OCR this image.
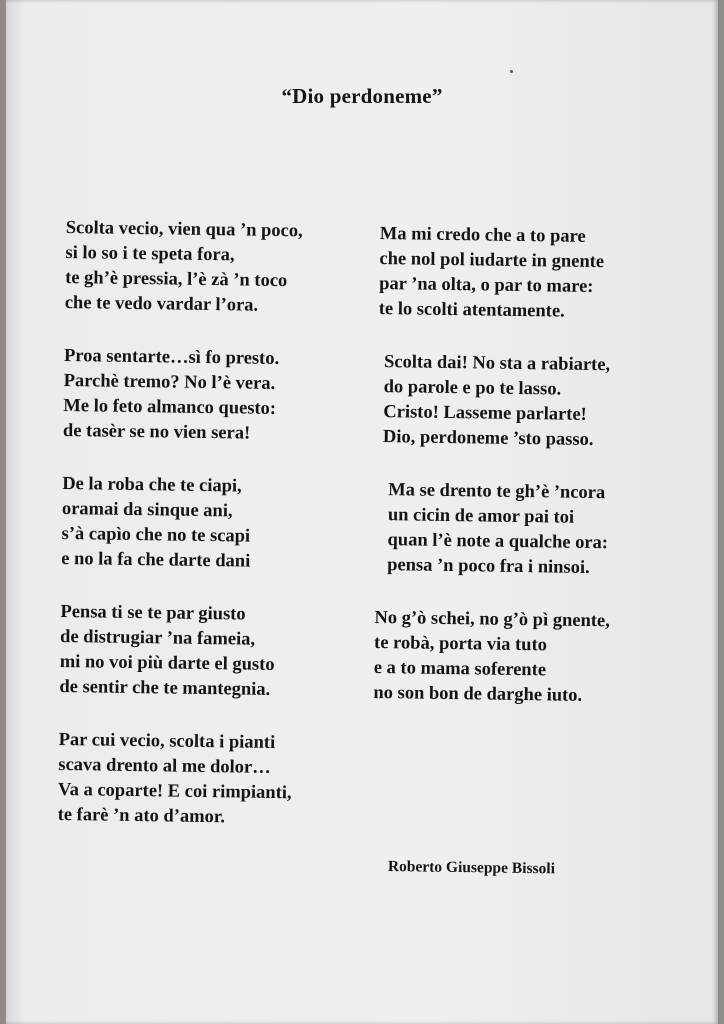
“Dio perdoneme”
Scolta vecio, vien qua ’n poco,
si lo so i te speta fora,
te gh’è pressia, l’è zà ’n toco
che te vedo vardar l’ora.
Proa sentarte…sì fo presto.
Parchè tremo? No l’è vera.
Me lo feto almanco questo:
de tasèr se no vien sera!
De la roba che te ciapi,
oramai da sinque ani,
s’à capìo che no te scapi
e no la fa che darte dani
Pensa ti se te par giusto
de distrugiar ’na fameia,
mi no voi più darte el gusto
de sentir che te mantegnia.
Par cui vecio, scolta i pianti
scava drento al me dolor…
Va a coparte! E coi rimpianti,
te farè ’n ato d’amor.
Ma mi credo che a to pare
che nol pol iudarte in gnente
par ’na olta, o par to mare:
te lo scolti atentamente.
Scolta dai! No sta a rabiarte,
do parole e po te lasso.
Cristo! Lasseme parlarte!
Dio, perdoneme ’sto passo.
Ma se drento te gh’è ’ncora
un cicin de amor pai toi
quan l’è note a qualche ora:
pensa ’n poco fra i ninsoi.
No g’ò schei, no g’ò pì gnente,
te robà, porta via tuto
e a to mama soferente
no son bon de darghe iuto.
Roberto Giuseppe Bissoli
